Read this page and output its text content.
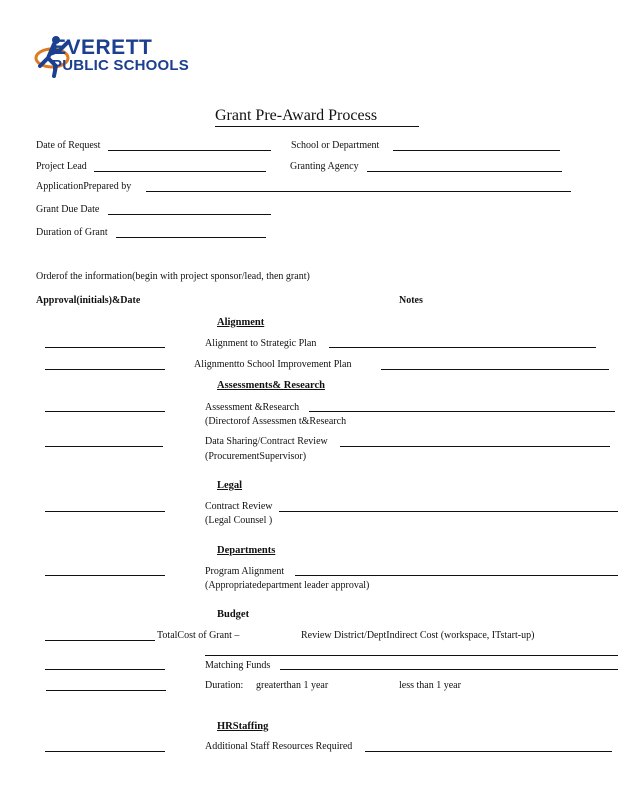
EVERETT
PUBLIC SCHOOLS
Grant Pre-Award Process
Date of Request	School or Department
Project Lead	Granting Agency
ApplicationPrepared by
Grant Due Date
Duration of Grant
Orderof the information(begin with project sponsor/lead, then grant)
Approval(initials)&Date	Notes
Alignment
Alignment to Strategic Plan
Alignmentto School Improvement Plan
Assessments& Research
Assessment &Research
(Directorof Assessmen t&Research
Data Sharing/Contract Review
(ProcurementSupervisor)
Legal
Contract Review
(Legal Counsel )
Departments
Program Alignment
(Appropriatedepartment leader approval)
Budget
TotalCost of Grant –	Review District/DeptIndirect Cost (workspace, ITstart-up)
Matching Funds
Duration: greaterthan 1 year	less than 1 year
HRStaffing
Additional Staff Resources Required
